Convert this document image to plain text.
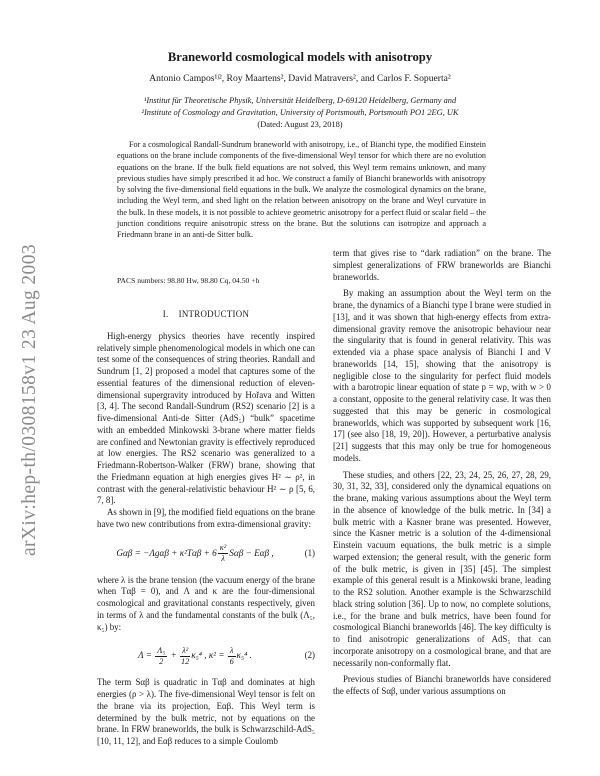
arXiv:hep-th/0308158v1 23 Aug 2003
Braneworld cosmological models with anisotropy
Antonio Campos¹ʲ², Roy Maartens², David Matravers², and Carlos F. Sopuerta²
¹Institut für Theoretische Physik, Universität Heidelberg, D-69120 Heidelberg, Germany and
²Institute of Cosmology and Gravitation, University of Portsmouth, Portsmouth PO1 2EG, UK
(Dated: August 23, 2018)

For a cosmological Randall-Sundrum braneworld with anisotropy, i.e., of Bianchi type, the modified Einstein equations on the brane include components of the five-dimensional Weyl tensor for which there are no evolution equations on the brane. If the bulk field equations are not solved, this Weyl term remains unknown, and many previous studies have simply prescribed it ad hoc. We construct a family of Bianchi braneworlds with anisotropy by solving the five-dimensional field equations in the bulk. We analyze the cosmological dynamics on the brane, including the Weyl term, and shed light on the relation between anisotropy on the brane and Weyl curvature in the bulk. In these models, it is not possible to achieve geometric anisotropy for a perfect fluid or scalar field – the junction conditions require anisotropic stress on the brane. But the solutions can isotropize and approach a Friedmann brane in an anti-de Sitter bulk.

PACS numbers: 98.80 Hw, 98.80 Cq, 04.50 +h
I. INTRODUCTION

High-energy physics theories have recently inspired relatively simple phenomenological models in which one can test some of the consequences of string theories. Randall and Sundrum [1, 2] proposed a model that captures some of the essential features of the dimensional reduction of eleven-dimensional supergravity introduced by Hořava and Witten [3, 4]. The second Randall-Sundrum (RS2) scenario [2] is a five-dimensional Anti-de Sitter (AdS₅) “bulk” spacetime with an embedded Minkowski 3-brane where matter fields are confined and Newtonian gravity is effectively reproduced at low energies. The RS2 scenario was generalized to a Friedmann-Robertson-Walker (FRW) brane, showing that the Friedmann equation at high energies gives H² ∼ ρ², in contrast with the general-relativistic behaviour H² ∼ ρ [5, 6, 7, 8].

As shown in [9], the modified field equations on the brane have two new contributions from extra-dimensional gravity:

$G\alpha\beta = -\Lambda g\alpha\beta + \kappa^2T\alpha\beta + 6 \frac{\text{κ²}}{\lambda}$ Sαβ − Eαβ ,	(1)

where λ is the brane tension (the vacuum energy of the brane when Tαβ = 0), and Λ and κ are the four-dimensional cosmological and gravitational constants respectively, given in terms of λ and the fundamental constants of the bulk (Λ₅, κ₅) by:

Λ =
$\frac{\text{Λ₅}}{2}$
+
$\frac{\text{λ²}}{12} \kappa_5^4$ , κ² =
$\frac{\lambda}{6} \kappa_5^4$ .	(2)

The term Sαβ is quadratic in Tαβ and dominates at high energies (ρ > λ). The five-dimensional Weyl tensor is felt on the brane via its projection, Eαβ. This Weyl term is determined by the bulk metric, not by equations on the brane. In FRW braneworlds, the bulk is Schwarzschild-AdS₅ [10, 11, 12], and Eαβ reduces to a simple Coulomb

term that gives rise to “dark radiation” on the brane. The simplest generalizations of FRW braneworlds are Bianchi braneworlds.

By making an assumption about the Weyl term on the brane, the dynamics of a Bianchi type I brane were studied in [13], and it was shown that high-energy effects from extra-dimensional gravity remove the anisotropic behaviour near the singularity that is found in general relativity. This was extended via a phase space analysis of Bianchi I and V braneworlds [14, 15], showing that the anisotropy is negligible close to the singularity for perfect fluid models with a barotropic linear equation of state p = wρ, with w > 0 a constant, opposite to the general relativity case. It was then suggested that this may be generic in cosmological braneworlds, which was supported by subsequent work [16, 17] (see also [18, 19, 20]). However, a perturbative analysis [21] suggests that this may only be true for homogeneous models.

These studies, and others [22, 23, 24, 25, 26, 27, 28, 29, 30, 31, 32, 33], considered only the dynamical equations on the brane, making various assumptions about the Weyl term in the absence of knowledge of the bulk metric. In [34] a bulk metric with a Kasner brane was presented. However, since the Kasner metric is a solution of the 4-dimensional Einstein vacuum equations, the bulk metric is a simple warped extension; the general result, with the generic form of the bulk metric, is given in [35] [45]. The simplest example of this general result is a Minkowski brane, leading to the RS2 solution. Another example is the Schwarzschild black string solution [36]. Up to now, no complete solutions, i.e., for the brane and bulk metrics, have been found for cosmological Bianchi braneworlds [46]. The key difficulty is to find anisotropic generalizations of AdS₅ that can incorporate anisotropy on a cosmological brane, and that are necessarily non-conformally flat.

Previous studies of Bianchi braneworlds have considered the effects of Sαβ, under various assumptions on
